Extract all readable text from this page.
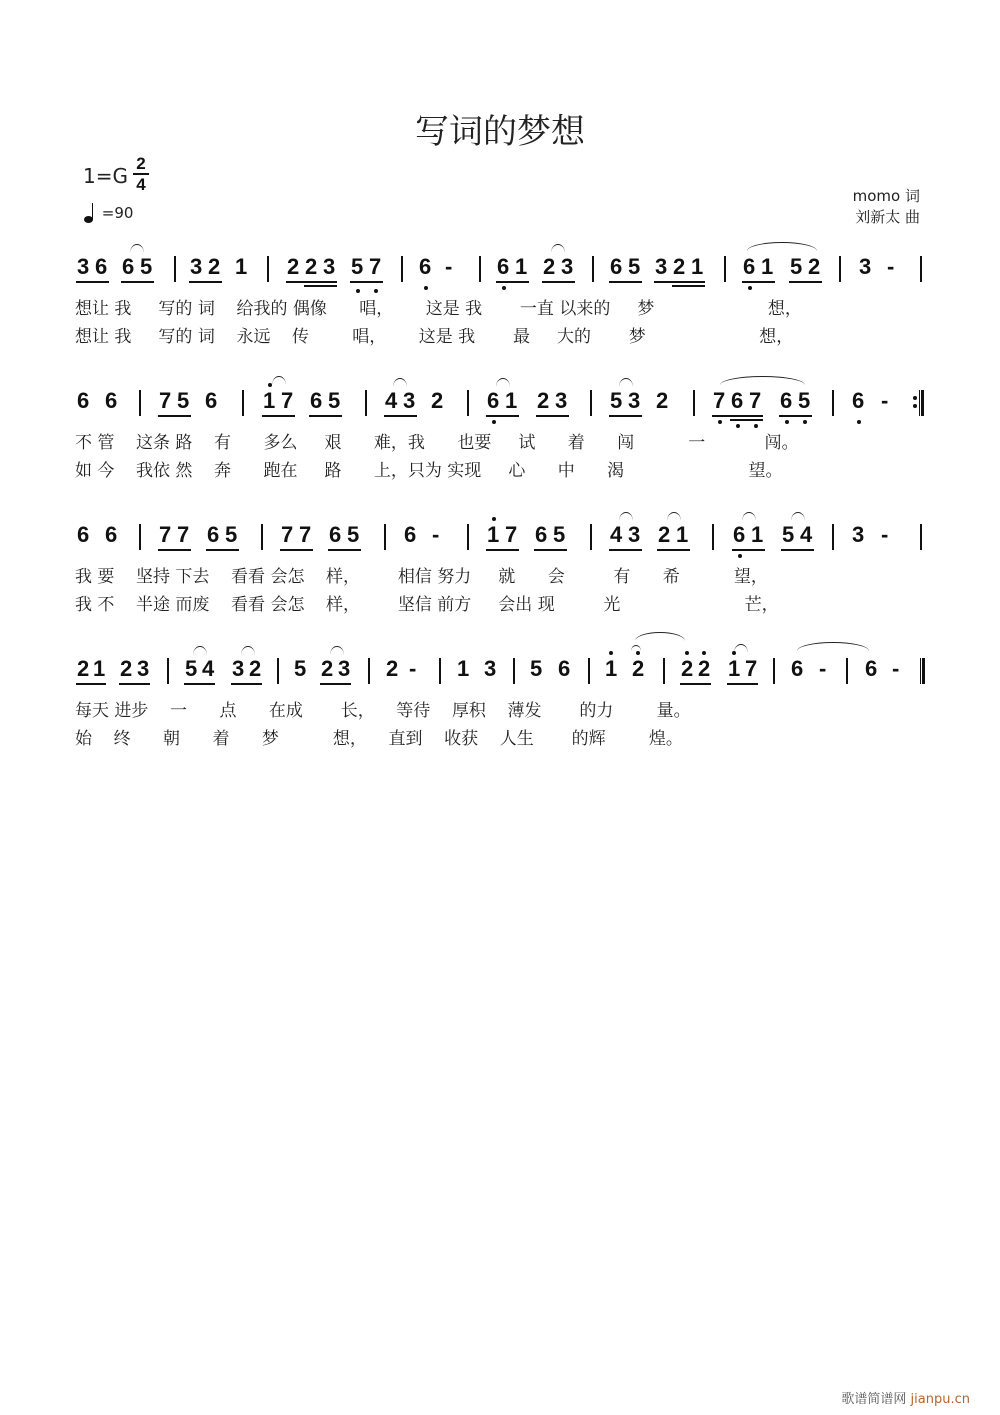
写词的梦想
1=G
2
4
=90
momo 词
刘新太 曲
3 6 6 5 3 2 1 2 2 3 5 7 6 - 6 1 2 3 6 5 3 2 1 6 1 5 2 3 -
想让 我     写的 词    给我的 偶像      唱，      这是 我       一直 以来的     梦                     想，
想让 我     写的 词    永远    传        唱，      这是 我       最     大的       梦                     想，
6 6 7 5 6 1 7 6 5 4 3 2 6 1 2 3 5 3 2 7 6 7 6 5 6 -
不 管    这条 路    有      多么     艰      难，我      也要     试      着      闯          一           闯。
如 今    我依 然    奔      跑在     路      上，只为 实现     心      中      渴                       望。
6 6 7 7 6 5 7 7 6 5 6 - 1 7 6 5 4 3 2 1 6 1 5 4 3 -
我 要    坚持 下去    看看 会怎    样，       相信 努力     就      会         有      希          望，
我 不    半途 而废    看看 会怎    样，       坚信 前方     会出 现         光                       芒，
2 1 2 3 5 4 3 2 5 2 3 2 - 1 3 5 6 1 2 2 2 1 7 6 - 6 -
每天 进步    一      点      在成       长，    等待    厚积    薄发       的力        量。
始    终      朝      着      梦          想，    直到    收获    人生       的辉        煌。
歌谱简谱网 jianpu.cn
